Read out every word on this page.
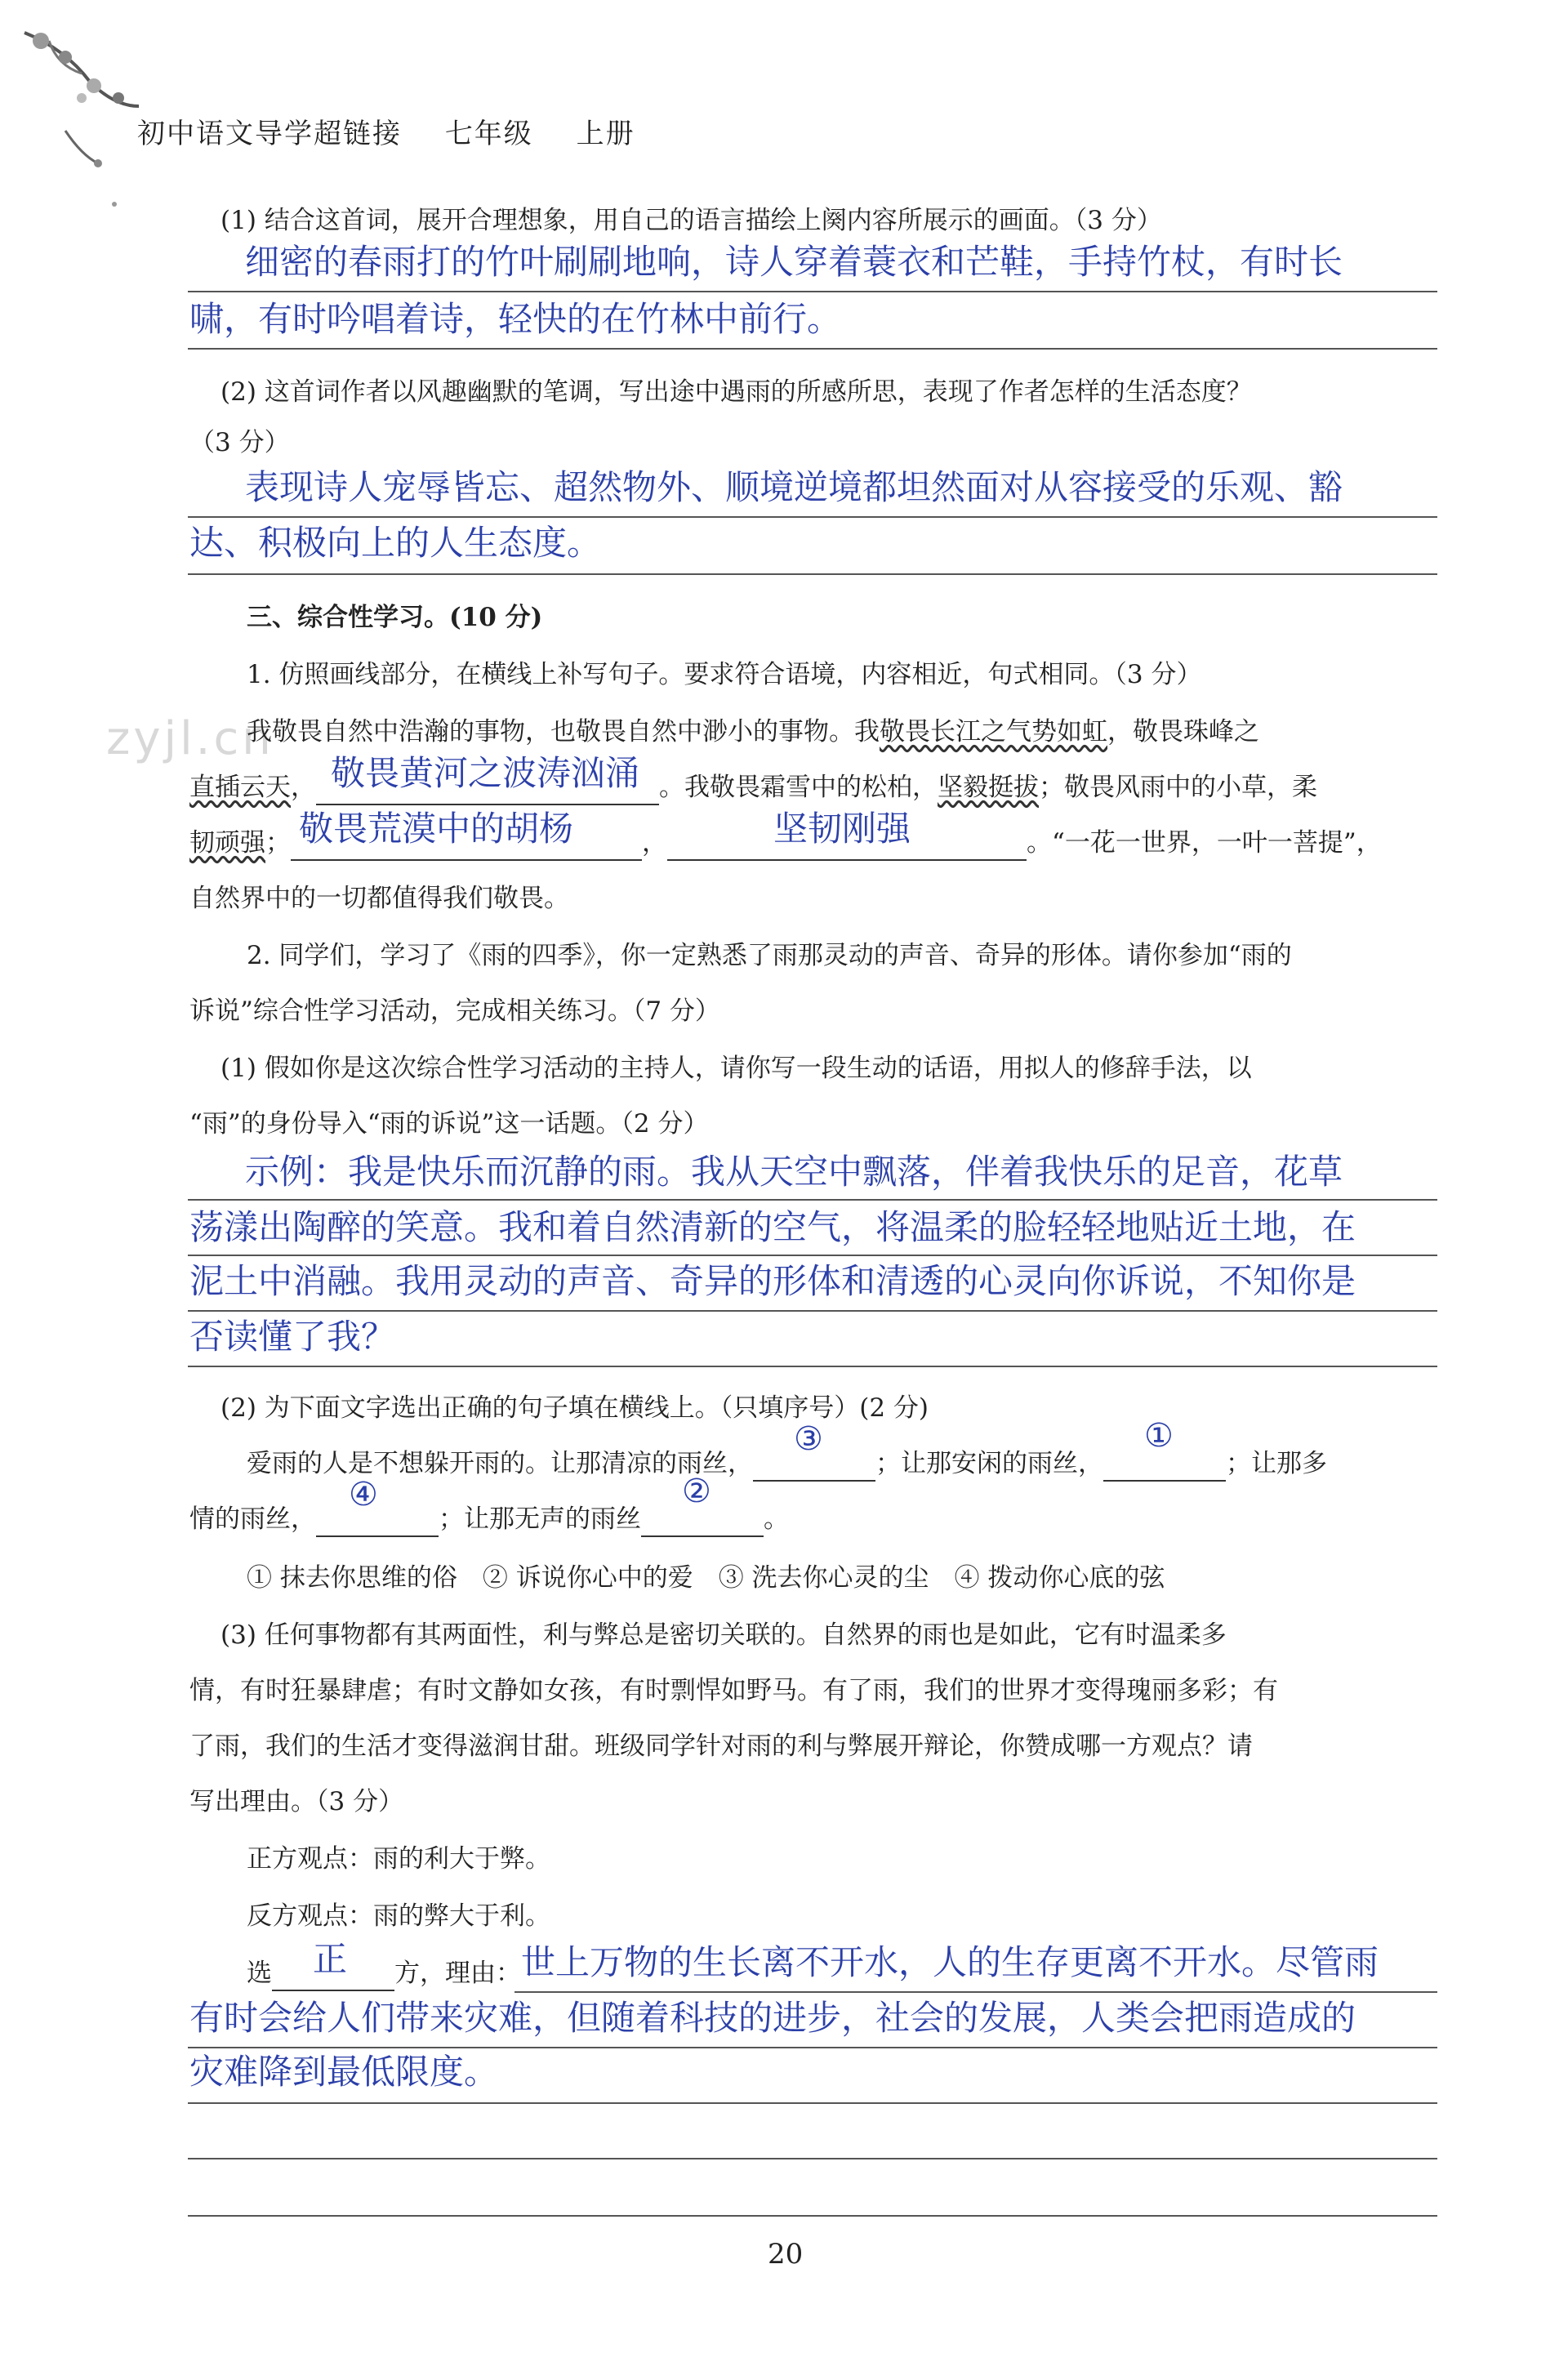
初中语文导学超链接 七年级 上册
zyjl.cn
(1) 结合这首词，展开合理想象，用自己的语言描绘上阕内容所展示的画面。（3 分）
细密的春雨打的竹叶刷刷地响，诗人穿着蓑衣和芒鞋，手持竹杖，有时长
啸，有时吟唱着诗，轻快的在竹林中前行。
(2) 这首词作者以风趣幽默的笔调，写出途中遇雨的所感所思，表现了作者怎样的生活态度？
（3 分）
表现诗人宠辱皆忘、超然物外、顺境逆境都坦然面对从容接受的乐观、豁
达、积极向上的人生态度。
三、综合性学习。(10 分)
1. 仿照画线部分，在横线上补写句子。要求符合语境，内容相近，句式相同。（3 分）
我敬畏自然中浩瀚的事物，也敬畏自然中渺小的事物。我敬畏长江之气势如虹，敬畏珠峰之
直插云天， 敬畏黄河之波涛汹涌 。我敬畏霜雪中的松柏，坚毅挺拔；敬畏风雨中的小草，柔
韧顽强； 敬畏荒漠中的胡杨	，	坚韧刚强	。“一花一世界，一叶一菩提”，
自然界中的一切都值得我们敬畏。
2. 同学们，学习了《雨的四季》，你一定熟悉了雨那灵动的声音、奇异的形体。请你参加“雨的
诉说”综合性学习活动，完成相关练习。（7 分）
(1) 假如你是这次综合性学习活动的主持人，请你写一段生动的话语，用拟人的修辞手法，以
“雨”的身份导入“雨的诉说”这一话题。（2 分）
示例：我是快乐而沉静的雨。我从天空中飘落，伴着我快乐的足音，花草
荡漾出陶醉的笑意。我和着自然清新的空气，将温柔的脸轻轻地贴近土地，在
泥土中消融。我用灵动的声音、奇异的形体和清透的心灵向你诉说，不知你是
否读懂了我？
(2) 为下面文字选出正确的句子填在横线上。（只填序号）(2 分)
爱雨的人是不想躲开雨的。让那清凉的雨丝，
③
；让那安闲的雨丝，
①
；让那多
情的雨丝，
④
；让那无声的雨丝
②
。
① 抹去你思维的俗　② 诉说你心中的爱　③ 洗去你心灵的尘　④ 拨动你心底的弦
(3) 任何事物都有其两面性，利与弊总是密切关联的。自然界的雨也是如此，它有时温柔多
情，有时狂暴肆虐；有时文静如女孩，有时剽悍如野马。有了雨，我们的世界才变得瑰丽多彩；有
了雨，我们的生活才变得滋润甘甜。班级同学针对雨的利与弊展开辩论，你赞成哪一方观点？请
写出理由。（3 分）
正方观点：雨的利大于弊。
反方观点：雨的弊大于利。
选 正 方，理由： 世上万物的生长离不开水，人的生存更离不开水。尽管雨
有时会给人们带来灾难，但随着科技的进步，社会的发展，人类会把雨造成的
灾难降到最低限度。
20
